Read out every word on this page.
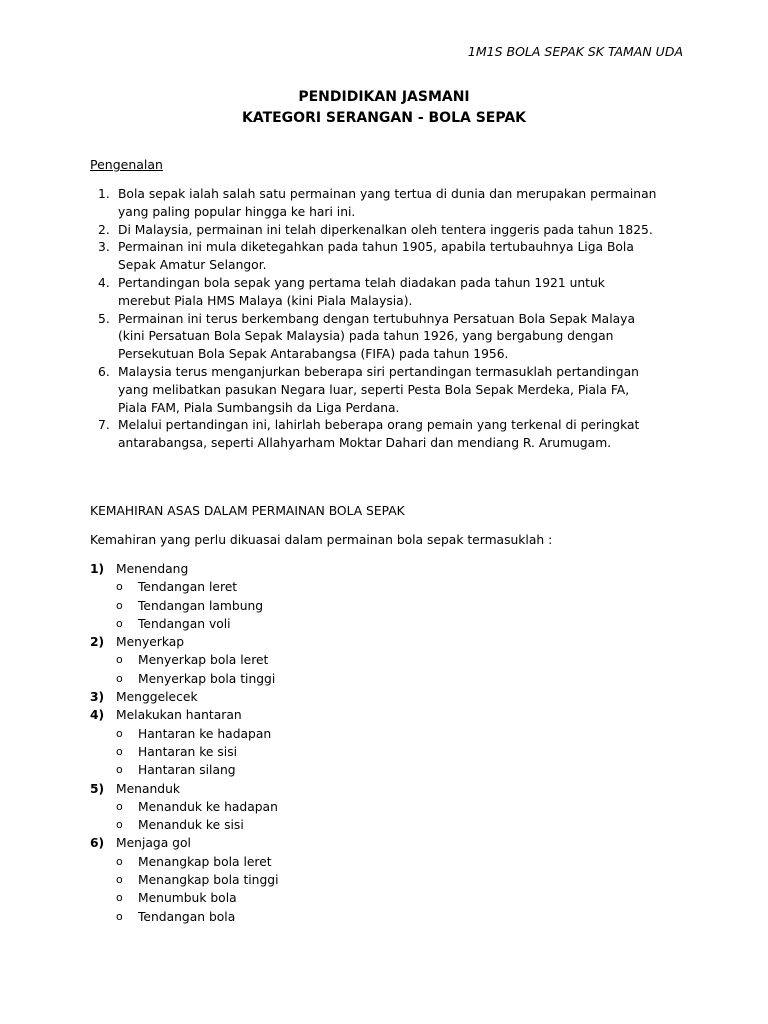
1M1S BOLA SEPAK SK TAMAN UDA
PENDIDIKAN JASMANI
KATEGORI SERANGAN - BOLA SEPAK
Pengenalan
1. Bola sepak ialah salah satu permainan yang tertua di dunia dan merupakan permainan yang paling popular hingga ke hari ini.
2. Di Malaysia, permainan ini telah diperkenalkan oleh tentera inggeris pada tahun 1825.
3. Permainan ini mula diketegahkan pada tahun 1905, apabila tertubauhnya Liga Bola Sepak Amatur Selangor.
4. Pertandingan bola sepak yang pertama telah diadakan pada tahun 1921 untuk merebut Piala HMS Malaya (kini Piala Malaysia).
5. Permainan ini terus berkembang dengan tertubuhnya Persatuan Bola Sepak Malaya (kini Persatuan Bola Sepak Malaysia) pada tahun 1926, yang bergabung dengan Persekutuan Bola Sepak Antarabangsa (FIFA) pada tahun 1956.
6. Malaysia terus menganjurkan beberapa siri pertandingan termasuklah pertandingan yang melibatkan pasukan Negara luar, seperti Pesta Bola Sepak Merdeka, Piala FA, Piala FAM, Piala Sumbangsih da Liga Perdana.
7. Melalui pertandingan ini, lahirlah beberapa orang pemain yang terkenal di peringkat antarabangsa, seperti Allahyarham Moktar Dahari dan mendiang R. Arumugam.
KEMAHIRAN ASAS DALAM PERMAINAN BOLA SEPAK
Kemahiran yang perlu dikuasai dalam permainan bola sepak termasuklah :
1) Menendang
o	Tendangan leret
o	Tendangan lambung
o	Tendangan voli
2) Menyerkap
o	Menyerkap bola leret
o	Menyerkap bola tinggi
3) Menggelecek
4) Melakukan hantaran
o	Hantaran ke hadapan
o	Hantaran ke sisi
o	Hantaran silang
5) Menanduk
o	Menanduk ke hadapan
o	Menanduk ke sisi
6) Menjaga gol
o	Menangkap bola leret
o	Menangkap bola tinggi
o	Menumbuk bola
o	Tendangan bola
